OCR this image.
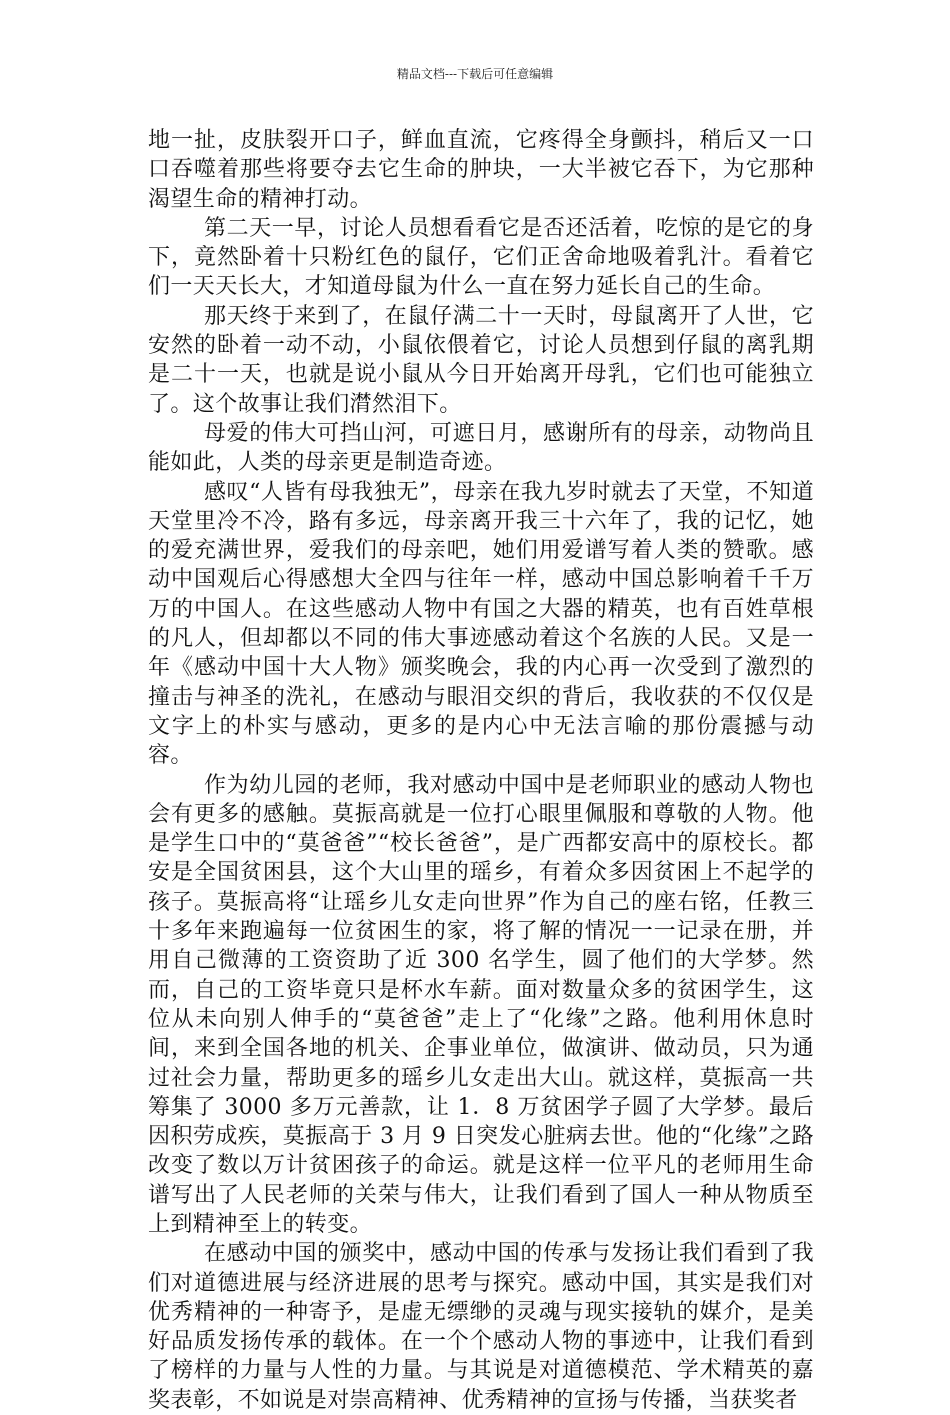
精品文档---下载后可任意编辑

地一扯，皮肤裂开口子，鲜血直流，它疼得全身颤抖，稍后又一口口吞噬着那些将要夺去它生命的肿块，一大半被它吞下，为它那种渴望生命的精神打动。

第二天一早，讨论人员想看看它是否还活着，吃惊的是它的身下，竟然卧着十只粉红色的鼠仔，它们正舍命地吸着乳汁。看着它们一天天长大，才知道母鼠为什么一直在努力延长自己的生命。

那天终于来到了，在鼠仔满二十一天时，母鼠离开了人世，它安然的卧着一动不动，小鼠依偎着它，讨论人员想到仔鼠的离乳期是二十一天，也就是说小鼠从今日开始离开母乳，它们也可能独立了。这个故事让我们潸然泪下。

母爱的伟大可挡山河，可遮日月，感谢所有的母亲，动物尚且能如此，人类的母亲更是制造奇迹。

感叹“人皆有母我独无”，母亲在我九岁时就去了天堂，不知道天堂里冷不冷，路有多远，母亲离开我三十六年了，我的记忆，她的爱充满世界，爱我们的母亲吧，她们用爱谱写着人类的赞歌。感动中国观后心得感想大全四与往年一样，感动中国总影响着千千万万的中国人。在这些感动人物中有国之大器的精英，也有百姓草根的凡人，但却都以不同的伟大事迹感动着这个名族的人民。又是一年《感动中国十大人物》颁奖晚会，我的内心再一次受到了激烈的撞击与神圣的洗礼，在感动与眼泪交织的背后，我收获的不仅仅是文字上的朴实与感动，更多的是内心中无法言喻的那份震撼与动容。

作为幼儿园的老师，我对感动中国中是老师职业的感动人物也会有更多的感触。莫振高就是一位打心眼里佩服和尊敬的人物。他是学生口中的“莫爸爸”“校长爸爸”，是广西都安高中的原校长。都安是全国贫困县，这个大山里的瑶乡，有着众多因贫困上不起学的孩子。莫振高将“让瑶乡儿女走向世界”作为自己的座右铭，任教三十多年来跑遍每一位贫困生的家，将了解的情况一一记录在册，并用自己微薄的工资资助了近 300 名学生，圆了他们的大学梦。然而，自己的工资毕竟只是杯水车薪。面对数量众多的贫困学生，这位从未向别人伸手的“莫爸爸”走上了“化缘”之路。他利用休息时间，来到全国各地的机关、企事业单位，做演讲、做动员，只为通过社会力量，帮助更多的瑶乡儿女走出大山。就这样，莫振高一共筹集了 3000 多万元善款，让 1．8 万贫困学子圆了大学梦。最后因积劳成疾，莫振高于 3 月 9 日突发心脏病去世。他的“化缘”之路改变了数以万计贫困孩子的命运。就是这样一位平凡的老师用生命谱写出了人民老师的关荣与伟大，让我们看到了国人一种从物质至上到精神至上的转变。

在感动中国的颁奖中，感动中国的传承与发扬让我们看到了我们对道德进展与经济进展的思考与探究。感动中国，其实是我们对优秀精神的一种寄予，是虚无缥缈的灵魂与现实接轨的媒介，是美好品质发扬传承的载体。在一个个感动人物的事迹中，让我们看到了榜样的力量与人性的力量。与其说是对道德模范、学术精英的嘉奖表彰，不如说是对崇高精神、优秀精神的宣扬与传播，当获奖者
